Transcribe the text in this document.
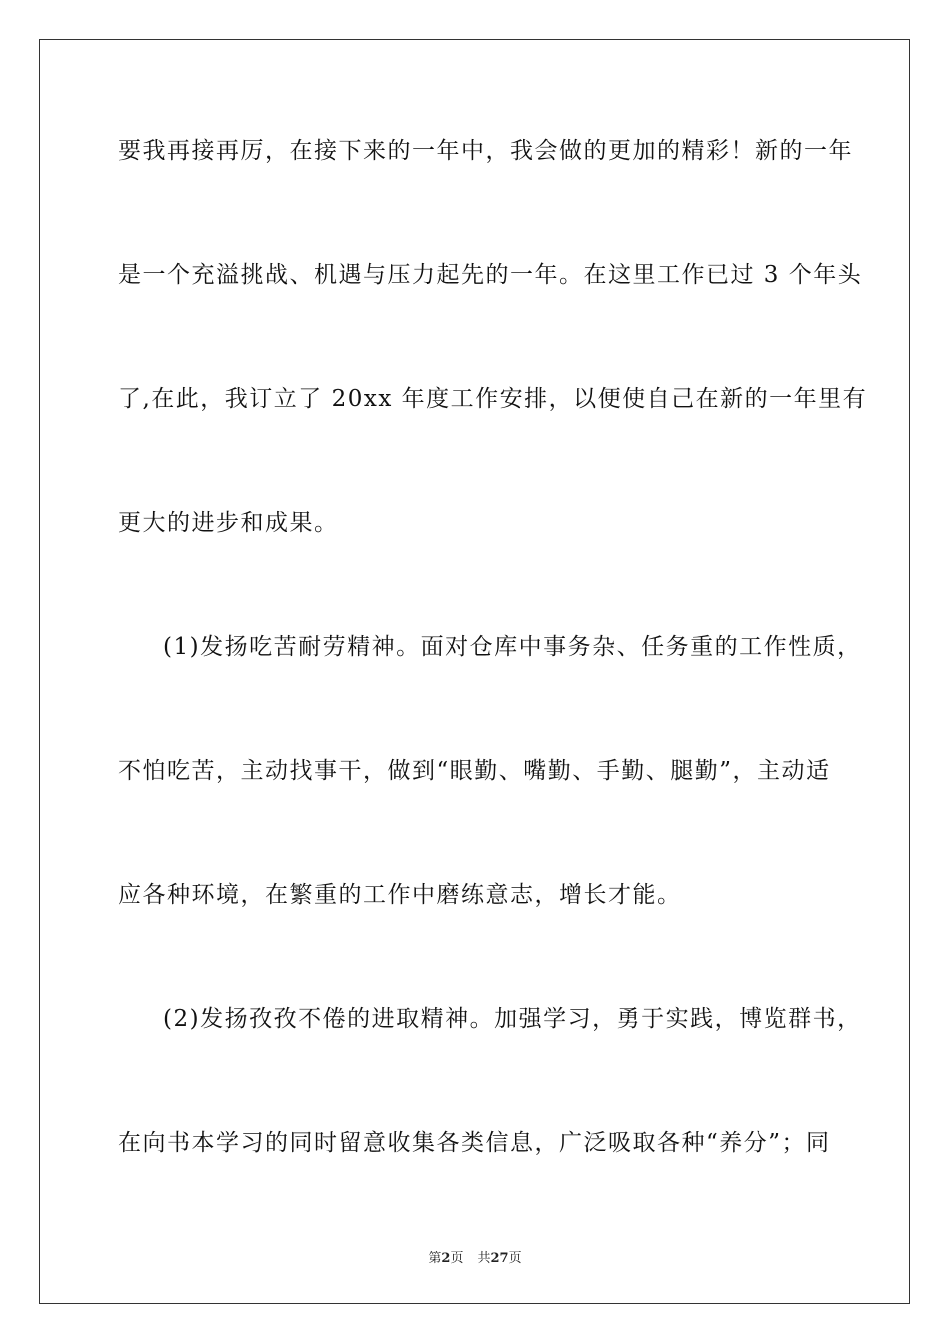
要我再接再厉，在接下来的一年中，我会做的更加的精彩！新的一年
是一个充溢挑战、机遇与压力起先的一年。在这里工作已过 3 个年头
了,在此，我订立了 20xx 年度工作安排，以便使自己在新的一年里有
更大的进步和成果。
(1)发扬吃苦耐劳精神。面对仓库中事务杂、任务重的工作性质，
不怕吃苦，主动找事干，做到“眼勤、嘴勤、手勤、腿勤”，主动适
应各种环境，在繁重的工作中磨练意志，增长才能。
(2)发扬孜孜不倦的进取精神。加强学习，勇于实践，博览群书，
在向书本学习的同时留意收集各类信息，广泛吸取各种“养分”；同
第2页 共27页
